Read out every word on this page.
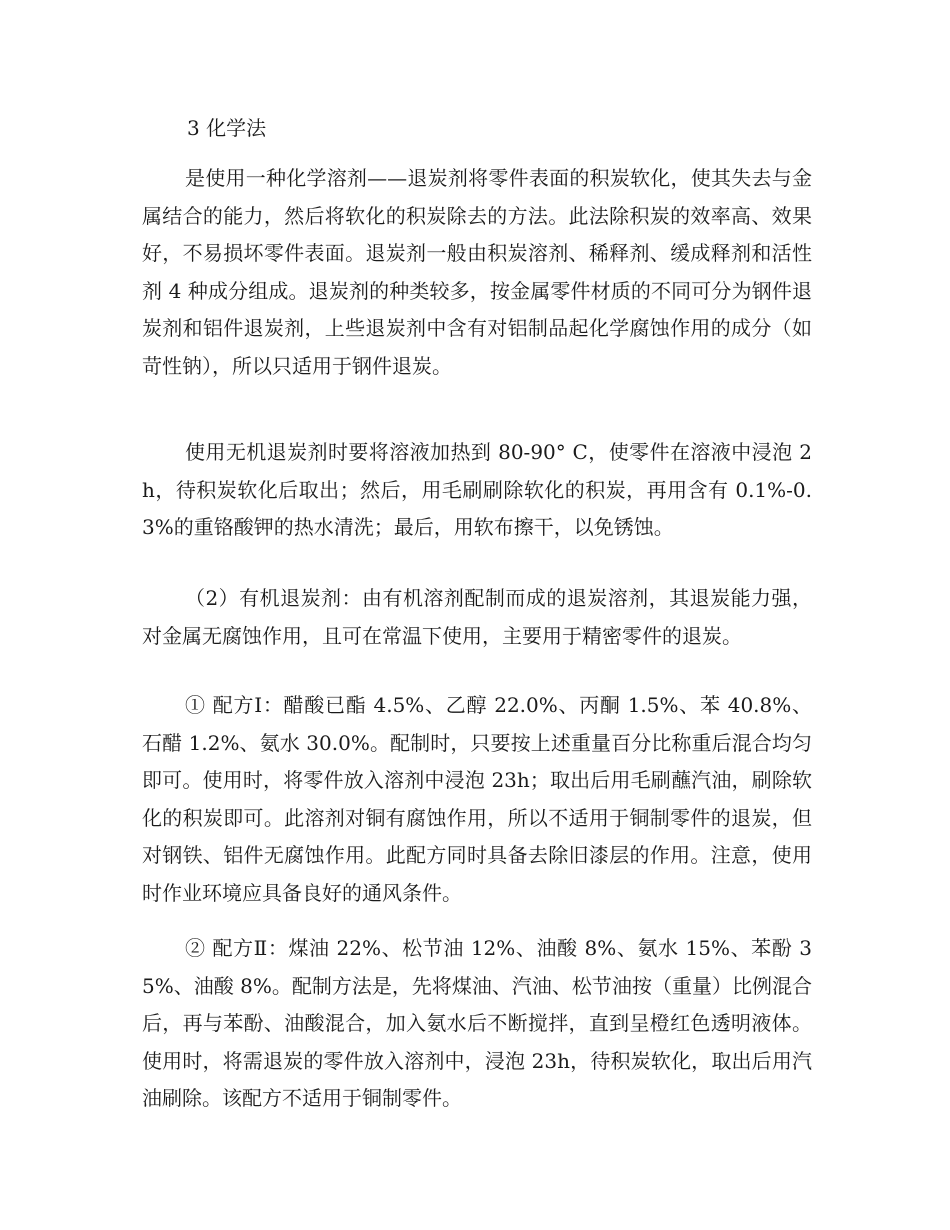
3 化学法

是使用一种化学溶剂——退炭剂将零件表面的积炭软化，使其失去与金属结合的能力，然后将软化的积炭除去的方法。此法除积炭的效率高、效果好，不易损坏零件表面。退炭剂一般由积炭溶剂、稀释剂、缓成释剂和活性剂 4 种成分组成。退炭剂的种类较多，按金属零件材质的不同可分为钢件退炭剂和铝件退炭剂，上些退炭剂中含有对铝制品起化学腐蚀作用的成分（如苛性钠），所以只适用于钢件退炭。

使用无机退炭剂时要将溶液加热到 80-90° C，使零件在溶液中浸泡 2h，待积炭软化后取出；然后，用毛刷刷除软化的积炭，再用含有 0.1%-0.3%的重铬酸钾的热水清洗；最后，用软布擦干，以免锈蚀。

（2）有机退炭剂：由有机溶剂配制而成的退炭溶剂，其退炭能力强，对金属无腐蚀作用，且可在常温下使用，主要用于精密零件的退炭。

① 配方Ⅰ：醋酸已酯 4.5%、乙醇 22.0%、丙酮 1.5%、苯 40.8%、石醋 1.2%、氨水 30.0%。配制时，只要按上述重量百分比称重后混合均匀即可。使用时，将零件放入溶剂中浸泡 23h；取出后用毛刷蘸汽油，刷除软化的积炭即可。此溶剂对铜有腐蚀作用，所以不适用于铜制零件的退炭，但对钢铁、铝件无腐蚀作用。此配方同时具备去除旧漆层的作用。注意，使用时作业环境应具备良好的通风条件。

② 配方Ⅱ：煤油 22%、松节油 12%、油酸 8%、氨水 15%、苯酚 35%、油酸 8%。配制方法是，先将煤油、汽油、松节油按（重量）比例混合后，再与苯酚、油酸混合，加入氨水后不断搅拌，直到呈橙红色透明液体。使用时，将需退炭的零件放入溶剂中，浸泡 23h，待积炭软化，取出后用汽油刷除。该配方不适用于铜制零件。
